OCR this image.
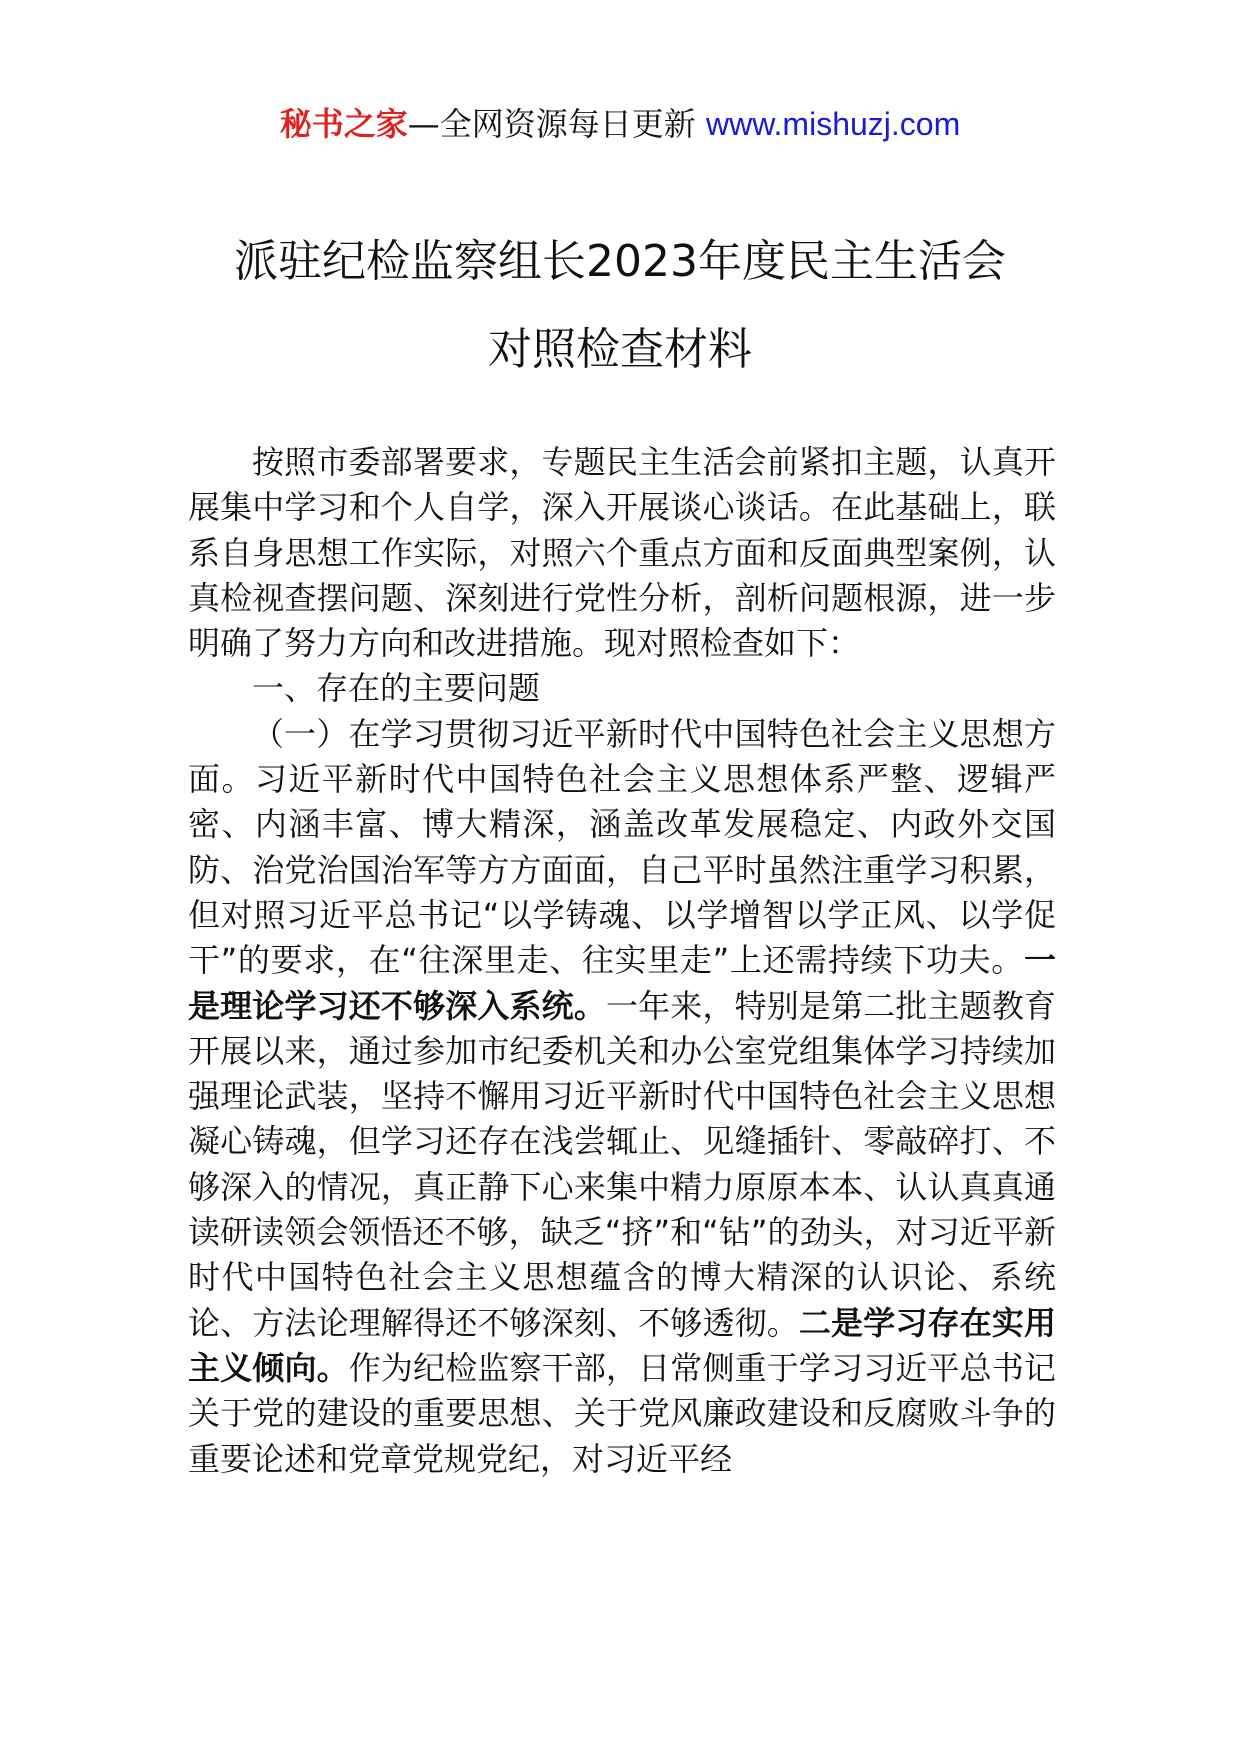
秘书之家—全网资源每日更新 www.mishuzj.com
派驻纪检监察组长2023年度民主生活会
对照检查材料

按照市委部署要求，专题民主生活会前紧扣主题，认真开展集中学习和个人自学，深入开展谈心谈话。在此基础上，联系自身思想工作实际，对照六个重点方面和反面典型案例，认真检视查摆问题、深刻进行党性分析，剖析问题根源，进一步明确了努力方向和改进措施。现对照检查如下：

一、存在的主要问题

（一）在学习贯彻习近平新时代中国特色社会主义思想方面。习近平新时代中国特色社会主义思想体系严整、逻辑严密、内涵丰富、博大精深，涵盖改革发展稳定、内政外交国防、治党治国治军等方方面面，自己平时虽然注重学习积累，但对照习近平总书记“以学铸魂、以学增智以学正风、以学促干”的要求，在“往深里走、往实里走”上还需持续下功夫。一是理论学习还不够深入系统。一年来，特别是第二批主题教育开展以来，通过参加市纪委机关和办公室党组集体学习持续加强理论武装，坚持不懈用习近平新时代中国特色社会主义思想凝心铸魂，但学习还存在浅尝辄止、见缝插针、零敲碎打、不够深入的情况，真正静下心来集中精力原原本本、认认真真通读研读领会领悟还不够，缺乏“挤”和“钻”的劲头，对习近平新时代中国特色社会主义思想蕴含的博大精深的认识论、系统论、方法论理解得还不够深刻、不够透彻。二是学习存在实用主义倾向。作为纪检监察干部，日常侧重于学习习近平总书记关于党的建设的重要思想、关于党风廉政建设和反腐败斗争的重要论述和党章党规党纪，对习近平经
